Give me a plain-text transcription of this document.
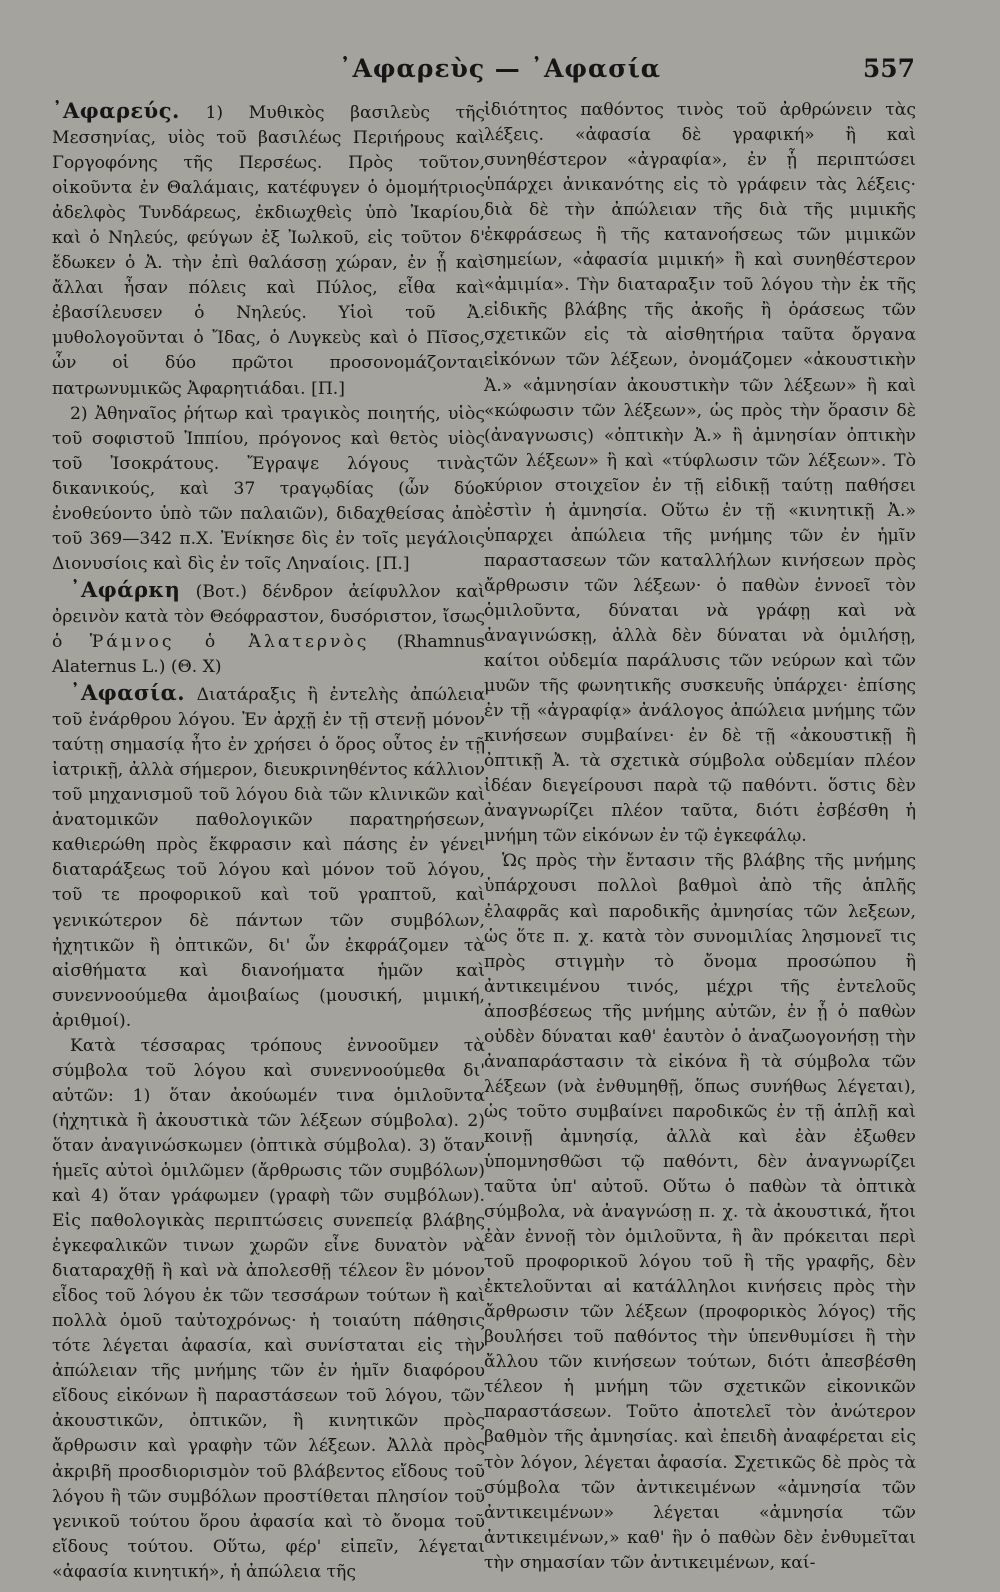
᾿Αφαρεὺς — ᾿Αφασία	557

᾿Αφαρεύς. 1) Μυθικὸς βασιλεὺς τῆς Μεσσηνίας, υἱὸς τοῦ βασιλέως Περιήρους καὶ Γοργοφόνης τῆς Περσέως. Πρὸς τοῦτον, οἰκοῦντα ἐν Θαλάμαις, κατέφυγεν ὁ ὁμομήτριος ἀδελφὸς Τυνδάρεως, ἐκδιωχθεὶς ὑπὸ Ἰκαρίου, καὶ ὁ Νηλεύς, φεύγων ἐξ Ἰωλκοῦ, εἰς τοῦτον δ' ἔδωκεν ὁ Ἀ. τὴν ἐπὶ θαλάσσῃ χώραν, ἐν ᾗ καὶ ἄλλαι ἦσαν πόλεις καὶ Πύλος, εἶθα καὶ ἐβασίλευσεν ὁ Νηλεύς. Υἱοὶ τοῦ Ἀ. μυθολογοῦνται ὁ Ἴδας, ὁ Λυγκεὺς καὶ ὁ Πῖσος, ὧν οἱ δύο πρῶτοι προσονομάζονται πατρωνυμικῶς Ἀφαρητιάδαι. [Π.]

2) Ἀθηναῖος ῥήτωρ καὶ τραγικὸς ποιητής, υἱὸς τοῦ σοφιστοῦ Ἱππίου, πρόγονος καὶ θετὸς υἱὸς τοῦ Ἰσοκράτους. Ἔγραψε λόγους τινὰς δικανικούς, καὶ 37 τραγῳδίας (ὧν δύο ἐνοθεύοντο ὑπὸ τῶν παλαιῶν), διδαχθείσας ἀπὸ τοῦ 369—342 π.Χ. Ἐνίκησε δὶς ἐν τοῖς μεγάλοις Διονυσίοις καὶ δὶς ἐν τοῖς Ληναίοις. [Π.]

᾿Αφάρκη (Βοτ.) δένδρον ἀείφυλλον καὶ ὀρεινὸν κατὰ τὸν Θεόφραστον, δυσόριστον, ἴσως ὁ Ῥάμνος ὁ Ἀλατερνὸς (Rhamnus Alaternus L.) (Θ. Χ)

᾿Αφασία. Διατάραξις ἢ ἐντελὴς ἀπώλεια τοῦ ἐνάρθρου λόγου. Ἐν ἀρχῇ ἐν τῇ στενῇ μόνον ταύτῃ σημασίᾳ ἦτο ἐν χρήσει ὁ ὅρος οὗτος ἐν τῇ ἰατρικῇ, ἀλλὰ σήμερον, διευκρινηθέντος κάλλιον τοῦ μηχανισμοῦ τοῦ λόγου διὰ τῶν κλινικῶν καὶ ἀνατομικῶν παθολογικῶν παρατηρήσεων, καθιερώθη πρὸς ἔκφρασιν καὶ πάσης ἐν γένει διαταράξεως τοῦ λόγου καὶ μόνον τοῦ λόγου, τοῦ τε προφορικοῦ καὶ τοῦ γραπτοῦ, καὶ γενικώτερον δὲ πάντων τῶν συμβόλων, ἠχητικῶν ἢ ὀπτικῶν, δι' ὧν ἐκφράζομεν τὰ αἰσθήματα καὶ διανοήματα ἡμῶν καὶ συνεννοούμεθα ἀμοιβαίως (μουσική, μιμική, ἀριθμοί).

Κατὰ τέσσαρας τρόπους ἐννοοῦμεν τὰ σύμβολα τοῦ λόγου καὶ συνεννοούμεθα δι' αὐτῶν: 1) ὅταν ἀκούωμέν τινα ὁμιλοῦντα (ἠχητικὰ ἢ ἀκουστικὰ τῶν λέξεων σύμβολα). 2) ὅταν ἀναγινώσκωμεν (ὀπτικὰ σύμβολα). 3) ὅταν ἡμεῖς αὐτοὶ ὁμιλῶμεν (ἄρθρωσις τῶν συμβόλων) καὶ 4) ὅταν γράφωμεν (γραφὴ τῶν συμβόλων). Εἰς παθολογικὰς περιπτώσεις συνεπείᾳ βλάβης ἐγκεφαλικῶν τινων χωρῶν εἶνε δυνατὸν νὰ διαταραχθῇ ἢ καὶ νὰ ἀπολεσθῇ τέλεον ἓν μόνον εἶδος τοῦ λόγου ἐκ τῶν τεσσάρων τούτων ἢ καὶ πολλὰ ὁμοῦ ταὐτοχρόνως· ἡ τοιαύτη πάθησις τότε λέγεται ἀφασία, καὶ συνίσταται εἰς τὴν ἀπώλειαν τῆς μνήμης τῶν ἐν ἡμῖν διαφόρου εἴδους εἰκόνων ἢ παραστάσεων τοῦ λόγου, τῶν ἀκουστικῶν, ὀπτικῶν, ἢ κινητικῶν πρὸς ἄρθρωσιν καὶ γραφὴν τῶν λέξεων. Ἀλλὰ πρὸς ἀκριβῆ προσδιορισμὸν τοῦ βλάβεντος εἴδους τοῦ λόγου ἢ τῶν συμβόλων προστίθεται πλησίον τοῦ γενικοῦ τούτου ὅρου ἀφασία καὶ τὸ ὄνομα τοῦ εἴδους τούτου. Οὕτω, φέρ' εἰπεῖν, λέγεται «ἀφασία κινητική», ἡ ἀπώλεια τῆς

ἰδιότητος παθόντος τινὸς τοῦ ἀρθρώνειν τὰς λέξεις. «ἀφασία δὲ γραφική» ἢ καὶ συνηθέστερον «ἀγραφία», ἐν ᾗ περιπτώσει ὑπάρχει ἀνικανότης εἰς τὸ γράφειν τὰς λέξεις· διὰ δὲ τὴν ἀπώλειαν τῆς διὰ τῆς μιμικῆς ἐκφράσεως ἢ τῆς κατανοήσεως τῶν μιμικῶν σημείων, «ἀφασία μιμική» ἢ καὶ συνηθέστερον «ἀμιμία». Τὴν διαταραξιν τοῦ λόγου τὴν ἐκ τῆς εἰδικῆς βλάβης τῆς ἀκοῆς ἢ ὁράσεως τῶν σχετικῶν εἰς τὰ αἰσθητήρια ταῦτα ὄργανα εἰκόνων τῶν λέξεων, ὀνομάζομεν «ἀκουστικὴν Ἀ.» «ἀμνησίαν ἀκουστικὴν τῶν λέξεων» ἢ καὶ «κώφωσιν τῶν λέξεων», ὡς πρὸς τὴν ὅρασιν δὲ (ἀναγνωσις) «ὀπτικὴν Ἀ.» ἢ ἀμνησίαν ὀπτικὴν τῶν λέξεων» ἢ καὶ «τύφλωσιν τῶν λέξεων». Τὸ κύριον στοιχεῖον ἐν τῇ εἰδικῇ ταύτῃ παθήσει ἐστὶν ἡ ἀμνησία. Οὕτω ἐν τῇ «κινητικῇ Ἀ.» ὑπαρχει ἀπώλεια τῆς μνήμης τῶν ἐν ἡμῖν παραστασεων τῶν καταλλήλων κινήσεων πρὸς ἄρθρωσιν τῶν λέξεων· ὁ παθὼν ἐννοεῖ τὸν ὁμιλοῦντα, δύναται νὰ γράφῃ καὶ νὰ ἀναγινώσκῃ, ἀλλὰ δὲν δύναται νὰ ὁμιλήσῃ, καίτοι οὐδεμία παράλυσις τῶν νεύρων καὶ τῶν μυῶν τῆς φωνητικῆς συσκευῆς ὑπάρχει· ἐπίσης ἐν τῇ «ἀγραφίᾳ» ἀνάλογος ἀπώλεια μνήμης τῶν κινήσεων συμβαίνει· ἐν δὲ τῇ «ἀκουστικῇ ἢ ὀπτικῇ Ἀ. τὰ σχετικὰ σύμβολα οὐδεμίαν πλέον ἰδέαν διεγείρουσι παρὰ τῷ παθόντι. ὅστις δὲν ἀναγνωρίζει πλέον ταῦτα, διότι ἐσβέσθη ἡ μνήμη τῶν εἰκόνων ἐν τῷ ἐγκεφάλῳ.

Ὡς πρὸς τὴν ἔντασιν τῆς βλάβης τῆς μνήμης ὑπάρχουσι πολλοὶ βαθμοὶ ἀπὸ τῆς ἁπλῆς ἐλαφρᾶς καὶ παροδικῆς ἀμνησίας τῶν λεξεων, ὡς ὅτε π. χ. κατὰ τὸν συνομιλίας λησμονεῖ τις πρὸς στιγμὴν τὸ ὄνομα προσώπου ἢ ἀντικειμένου τινός, μέχρι τῆς ἐντελοῦς ἀποσβέσεως τῆς μνήμης αὐτῶν, ἐν ᾗ ὁ παθὼν οὐδὲν δύναται καθ' ἑαυτὸν ὁ ἀναζωογονήσῃ τὴν ἀναπαράστασιν τὰ εἰκόνα ἢ τὰ σύμβολα τῶν λέξεων (νὰ ἐνθυμηθῇ, ὅπως συνήθως λέγεται), ὡς τοῦτο συμβαίνει παροδικῶς ἐν τῇ ἁπλῇ καὶ κοινῇ ἀμνησίᾳ, ἀλλὰ καὶ ἐὰν ἐξωθεν ὑπομνησθῶσι τῷ παθόντι, δὲν ἀναγνωρίζει ταῦτα ὑπ' αὐτοῦ. Οὕτω ὁ παθὼν τὰ ὀπτικὰ σύμβολα, νὰ ἀναγνώσῃ π. χ. τὰ ἀκουστικά, ἤτοι ἐὰν ἐννοῇ τὸν ὁμιλοῦντα, ἢ ἂν πρόκειται περὶ τοῦ προφορικοῦ λόγου τοῦ ἢ τῆς γραφῆς, δὲν ἐκτελοῦνται αἱ κατάλληλοι κινήσεις πρὸς τὴν ἄρθρωσιν τῶν λέξεων (προφορικὸς λόγος) τῆς βουλήσει τοῦ παθόντος τὴν ὑπενθυμίσει ἢ τὴν ἄλλου τῶν κινήσεων τούτων, διότι ἀπεσβέσθη τέλεον ἡ μνήμη τῶν σχετικῶν εἰκονικῶν παραστάσεων. Τοῦτο ἀποτελεῖ τὸν ἀνώτερον βαθμὸν τῆς ἀμνησίας. καὶ ἐπειδὴ ἀναφέρεται εἰς τὸν λόγον, λέγεται ἀφασία. Σχετικῶς δὲ πρὸς τὰ σύμβολα τῶν ἀντικειμένων «ἀμνησία τῶν ἀντικειμένων» λέγεται «ἀμνησία τῶν ἀντικειμένων,» καθ' ἣν ὁ παθὼν δὲν ἐνθυμεῖται τὴν σημασίαν τῶν ἀντικειμένων, καί-
